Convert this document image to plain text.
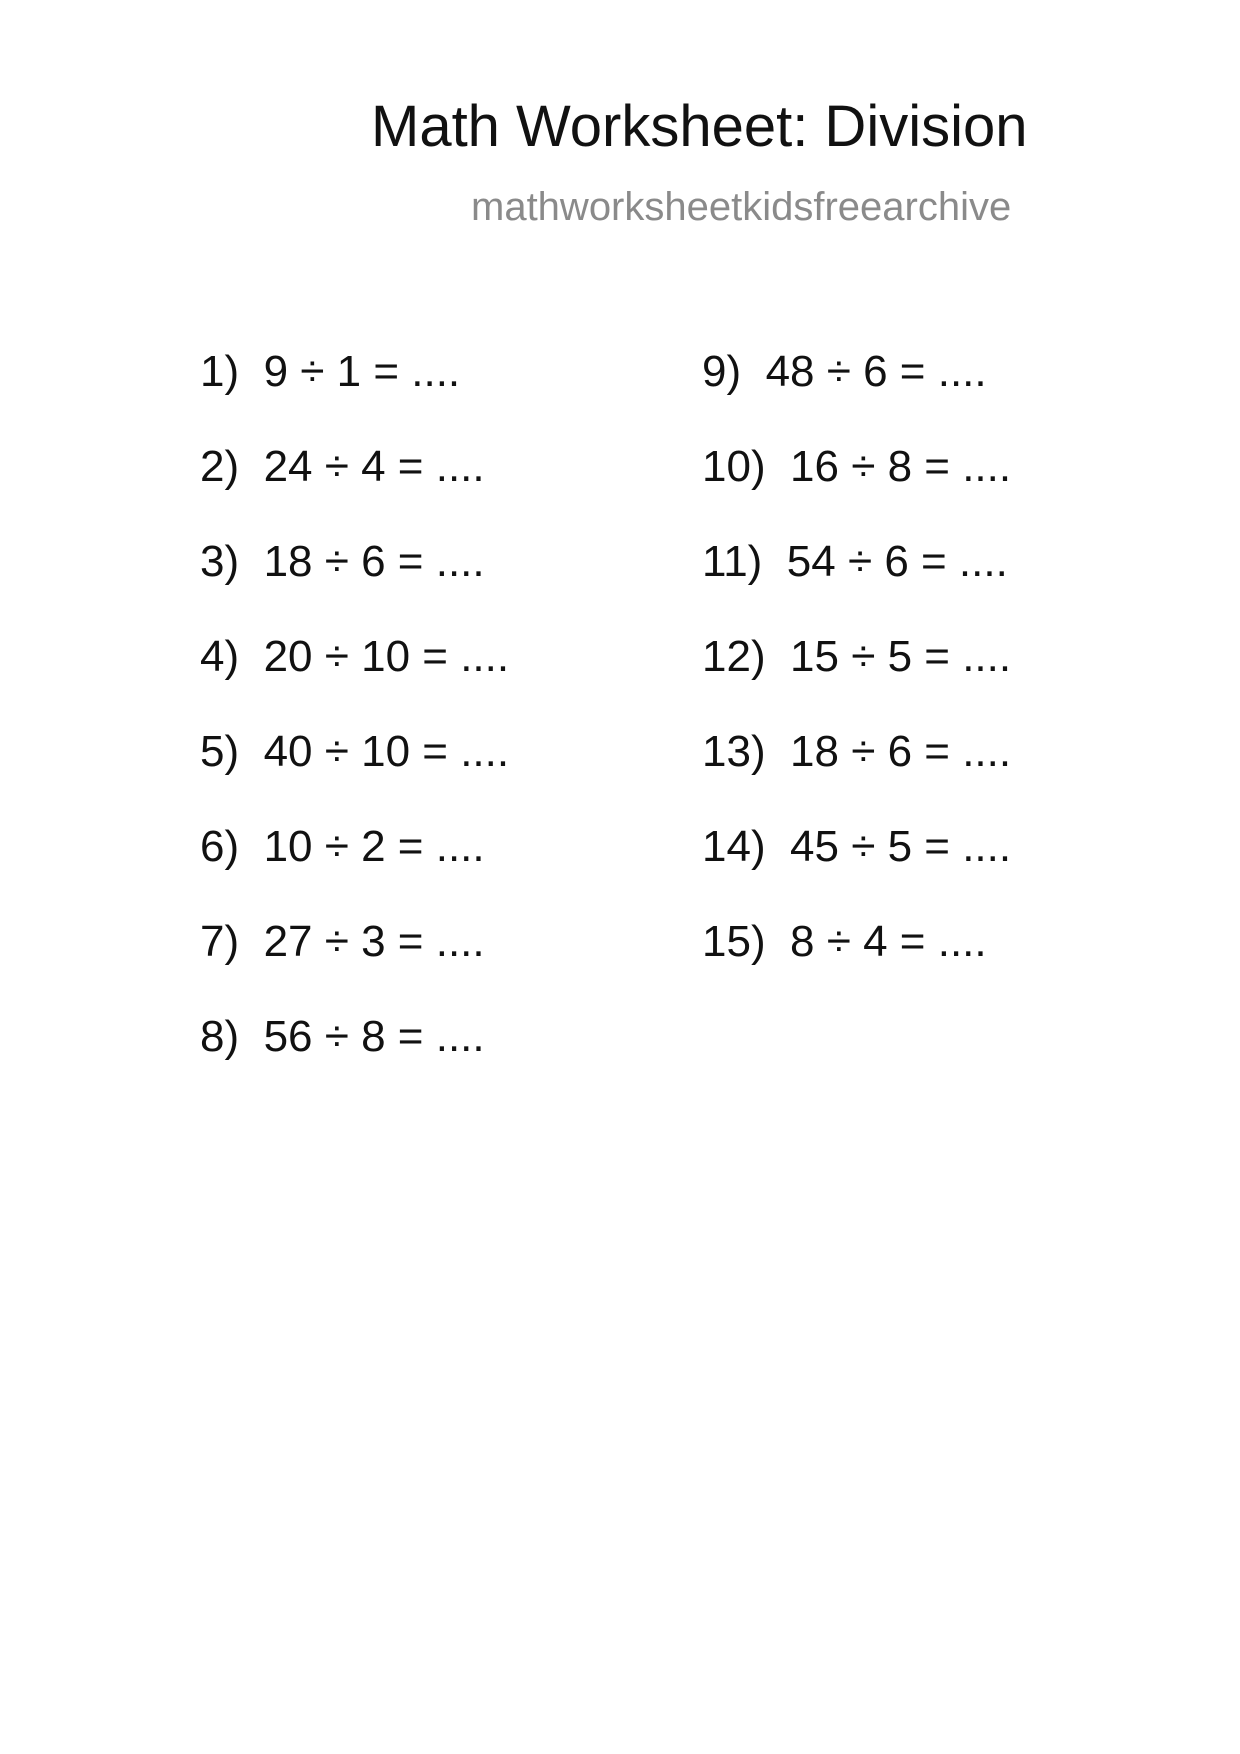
Math Worksheet: Division
mathworksheetkidsfreearchive
1)  9 ÷ 1 = ....
2)  24 ÷ 4 = ....
3)  18 ÷ 6 = ....
4)  20 ÷ 10 = ....
5)  40 ÷ 10 = ....
6)  10 ÷ 2 = ....
7)  27 ÷ 3 = ....
8)  56 ÷ 8 = ....
9)  48 ÷ 6 = ....
10)  16 ÷ 8 = ....
11)  54 ÷ 6 = ....
12)  15 ÷ 5 = ....
13)  18 ÷ 6 = ....
14)  45 ÷ 5 = ....
15)  8 ÷ 4 = ....
